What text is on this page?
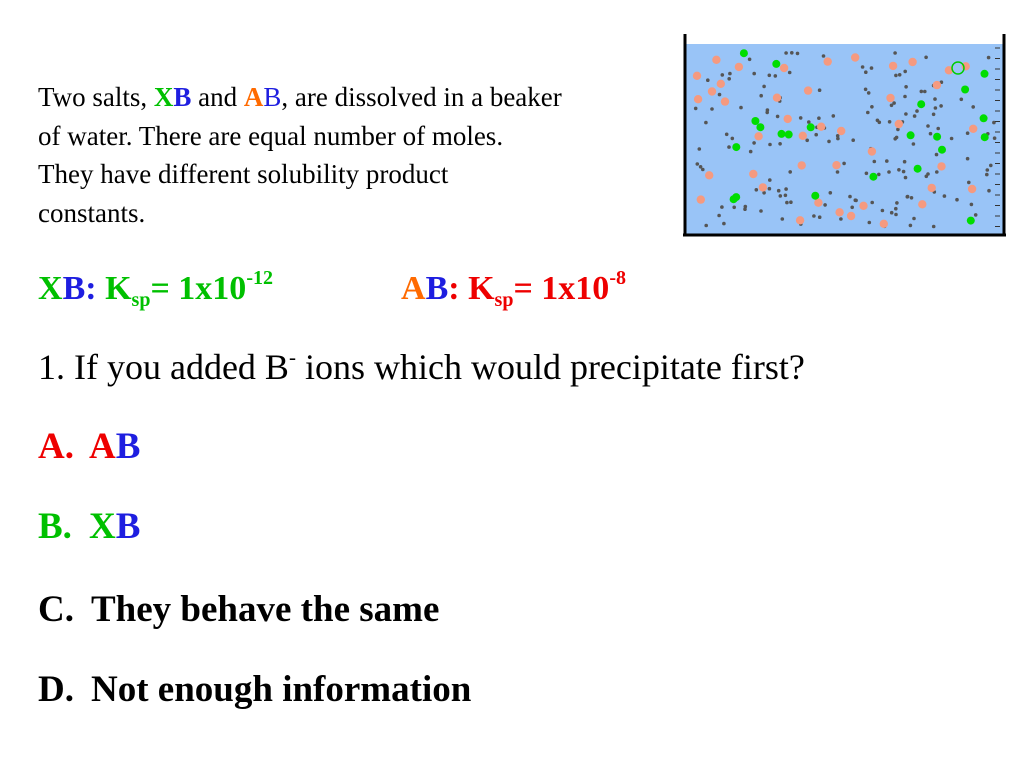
Two salts, XB and AB, are dissolved in a beaker
of water. There are equal number of moles.
They have different solubility product
constants.
XB: $K_{sp}= 1x10^{-12}$	AB: $K_{sp}= 1x10^{-8}$
1. If you added B- ions which would precipitate first?
A. AB
B. XB
C. They behave the same
D. Not enough information
